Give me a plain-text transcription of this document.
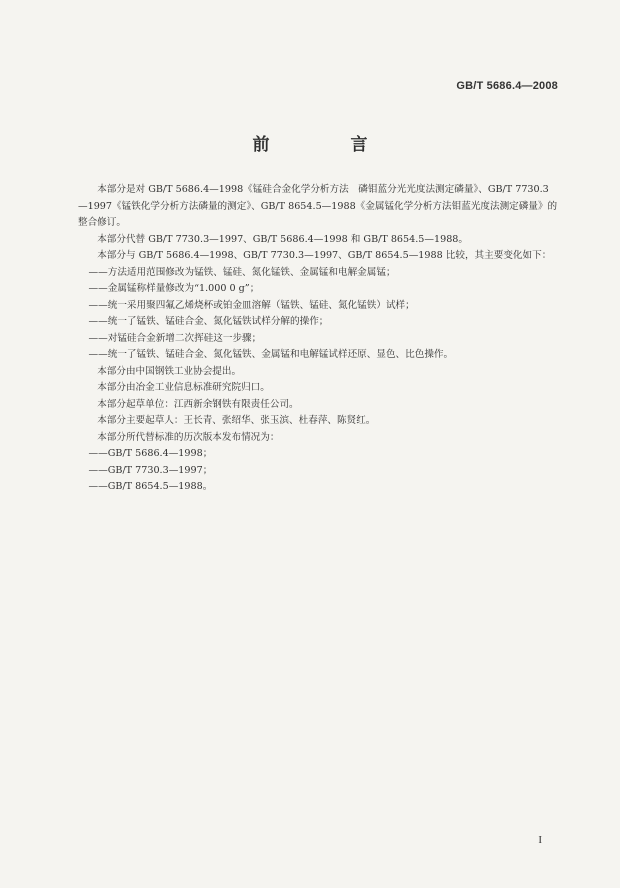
GB/T 5686.4—2008
前　言

本部分是对 GB/T 5686.4—1998《锰硅合金化学分析方法　磷钼蓝分光光度法测定磷量》、GB/T 7730.3—1997《锰铁化学分析方法磷量的测定》、GB/T 8654.5—1988《金属锰化学分析方法钼蓝光度法测定磷量》的整合修订。

本部分代替 GB/T 7730.3—1997、GB/T 5686.4—1998 和 GB/T 8654.5—1988。

本部分与 GB/T 5686.4—1998、GB/T 7730.3—1997、GB/T 8654.5—1988 比较，其主要变化如下：

——方法适用范围修改为锰铁、锰硅、氮化锰铁、金属锰和电解金属锰；

——金属锰称样量修改为“1.000 0 g”；

——统一采用聚四氟乙烯烧杯或铂金皿溶解（锰铁、锰硅、氮化锰铁）试样；

——统一了锰铁、锰硅合金、氮化锰铁试样分解的操作；

——对锰硅合金新增二次挥硅这一步骤；

——统一了锰铁、锰硅合金、氮化锰铁、金属锰和电解锰试样还原、显色、比色操作。

本部分由中国钢铁工业协会提出。

本部分由冶金工业信息标准研究院归口。

本部分起草单位：江西新余钢铁有限责任公司。

本部分主要起草人：王长青、张绍华、张玉滨、杜春萍、陈贤红。

本部分所代替标准的历次版本发布情况为：

——GB/T 5686.4—1998；

——GB/T 7730.3—1997；

——GB/T 8654.5—1988。

I
